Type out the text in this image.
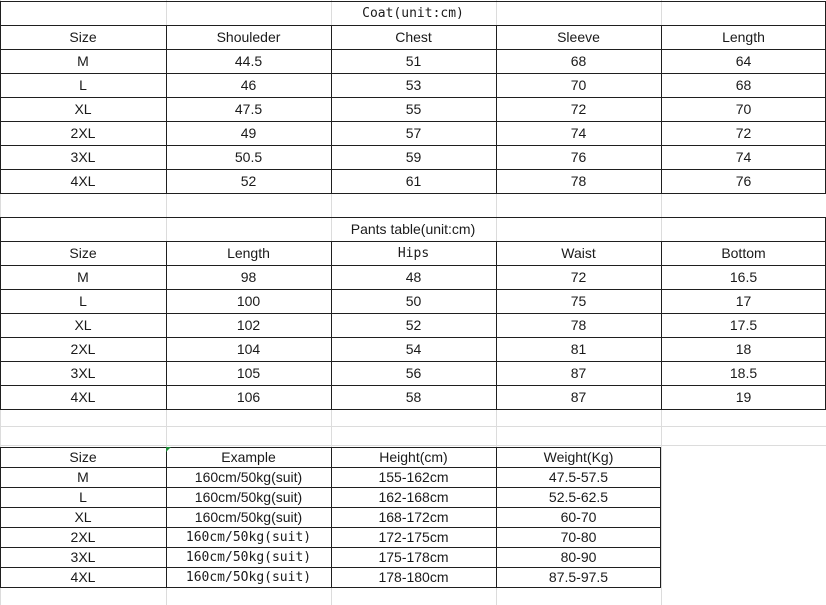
Coat(unit:cm)
Size	Shouleder	Chest	Sleeve	Length
M	44.5	51	68	64
L	46	53	70	68
XL	47.5	55	72	70
2XL	49	57	74	72
3XL	50.5	59	76	74
4XL	52	61	78	76
Pants table(unit:cm)
Size	Length	Hips	Waist	Bottom
M	98	48	72	16.5
L	100	50	75	17
XL	102	52	78	17.5
2XL	104	54	81	18
3XL	105	56	87	18.5
4XL	106	58	87	19
Size	Example	Height(cm)	Weight(Kg)
M	160cm/50kg(suit)	155-162cm	47.5-57.5
L	160cm/50kg(suit)	162-168cm	52.5-62.5
XL	160cm/50kg(suit)	168-172cm	60-70
2XL	160cm/50kg(suit)	172-175cm	70-80
3XL	160cm/50kg(suit)	175-178cm	80-90
4XL	160cm/5Okg(suit)	178-180cm	87.5-97.5
